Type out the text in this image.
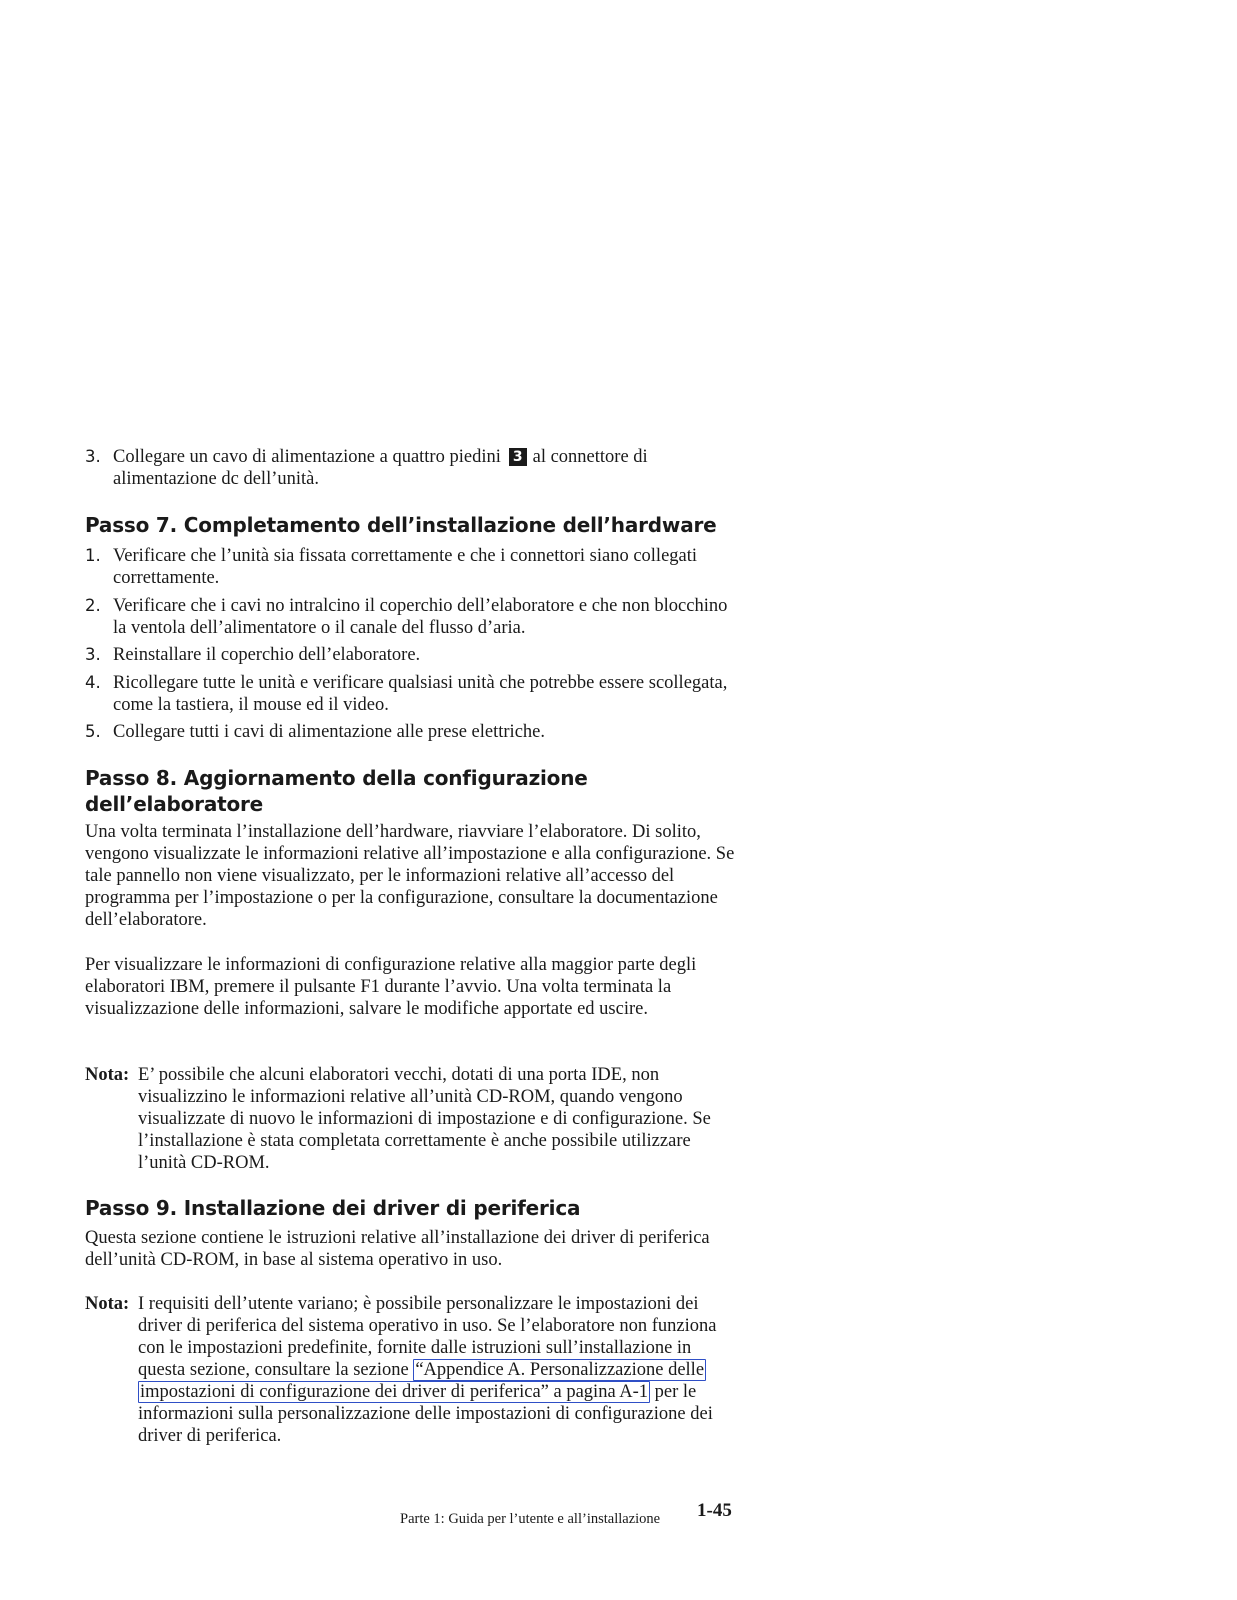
3. Collegare un cavo di alimentazione a quattro piedini 3 al connettore di alimentazione dc dell’unità.
Passo 7. Completamento dell’installazione dell’hardware
1. Verificare che l’unità sia fissata correttamente e che i connettori siano collegati correttamente.
2. Verificare che i cavi no intralcino il coperchio dell’elaboratore e che non blocchino la ventola dell’alimentatore o il canale del flusso d’aria.
3. Reinstallare il coperchio dell’elaboratore.
4. Ricollegare tutte le unità e verificare qualsiasi unità che potrebbe essere scollegata, come la tastiera, il mouse ed il video.
5. Collegare tutti i cavi di alimentazione alle prese elettriche.
Passo 8. Aggiornamento della configurazione
dell’elaboratore

Una volta terminata l’installazione dell’hardware, riavviare l’elaboratore. Di solito, vengono visualizzate le informazioni relative all’impostazione e alla configurazione. Se tale pannello non viene visualizzato, per le informazioni relative all’accesso del programma per l’impostazione o per la configurazione, consultare la documentazione dell’elaboratore.

Per visualizzare le informazioni di configurazione relative alla maggior parte degli elaboratori IBM, premere il pulsante F1 durante l’avvio. Una volta terminata la visualizzazione delle informazioni, salvare le modifiche apportate ed uscire.

Nota: E’ possibile che alcuni elaboratori vecchi, dotati di una porta IDE, non visualizzino le informazioni relative all’unità CD-ROM, quando vengono visualizzate di nuovo le informazioni di impostazione e di configurazione. Se l’installazione è stata completata correttamente è anche possibile utilizzare l’unità CD-ROM.
Passo 9. Installazione dei driver di periferica

Questa sezione contiene le istruzioni relative all’installazione dei driver di periferica dell’unità CD-ROM, in base al sistema operativo in uso.

Nota: I requisiti dell’utente variano; è possibile personalizzare le impostazioni dei driver di periferica del sistema operativo in uso. Se l’elaboratore non funziona con le impostazioni predefinite, fornite dalle istruzioni sull’installazione in questa sezione, consultare la sezione “Appendice A. Personalizzazione delle impostazioni di configurazione dei driver di periferica” a pagina A-1 per le informazioni sulla personalizzazione delle impostazioni di configurazione dei driver di periferica.
Parte 1: Guida per l’utente e all’installazione 1-45
